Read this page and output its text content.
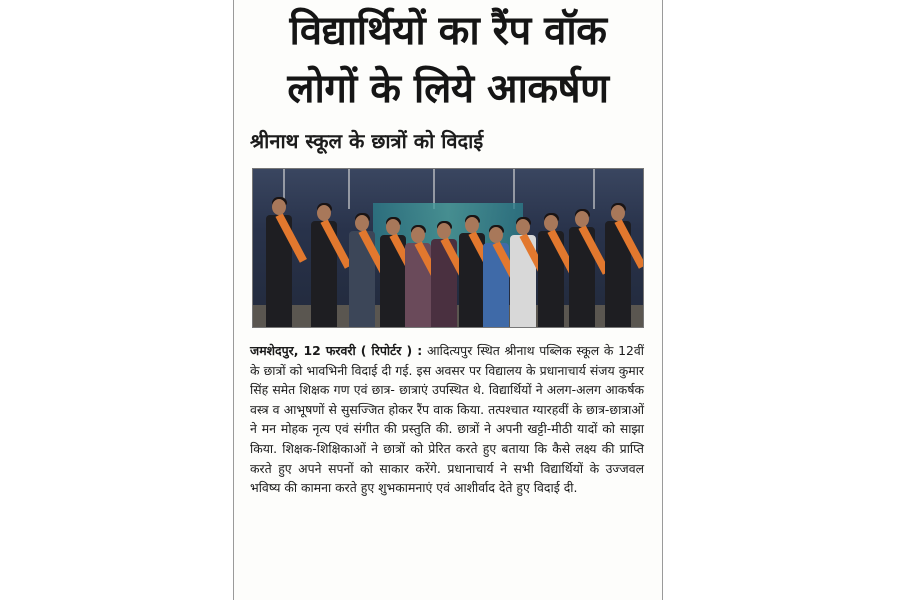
विद्यार्थियों का रैंप वॉक
लोगों के लिये आकर्षण
श्रीनाथ स्कूल के छात्रों को विदाई

जमशेदपुर, 12 फरवरी ( रिपोर्टर ) : आदित्यपुर स्थित श्रीनाथ पब्लिक स्कूल के 12वीं के छात्रों को भावभिनी विदाई दी गई. इस अवसर पर विद्यालय के प्रधानाचार्य संजय कुमार सिंह समेत शिक्षक गण एवं छात्र- छात्राएं उपस्थित थे. विद्यार्थियों ने अलग-अलग आकर्षक वस्त्र व आभूषणों से सुसज्जित होकर रैंप वाक किया. तत्पश्चात ग्यारहवीं के छात्र-छात्राओं ने मन मोहक नृत्य एवं संगीत की प्रस्तुति की. छात्रों ने अपनी खट्टी-मीठी यादों को साझा किया. शिक्षक-शिक्षिकाओं ने छात्रों को प्रेरित करते हुए बताया कि कैसे लक्ष्य की प्राप्ति करते हुए अपने सपनों को साकार करेंगे. प्रधानाचार्य ने सभी विद्यार्थियों के उज्जवल भविष्य की कामना करते हुए शुभकामनाएं एवं आशीर्वाद देते हुए विदाई दी.
